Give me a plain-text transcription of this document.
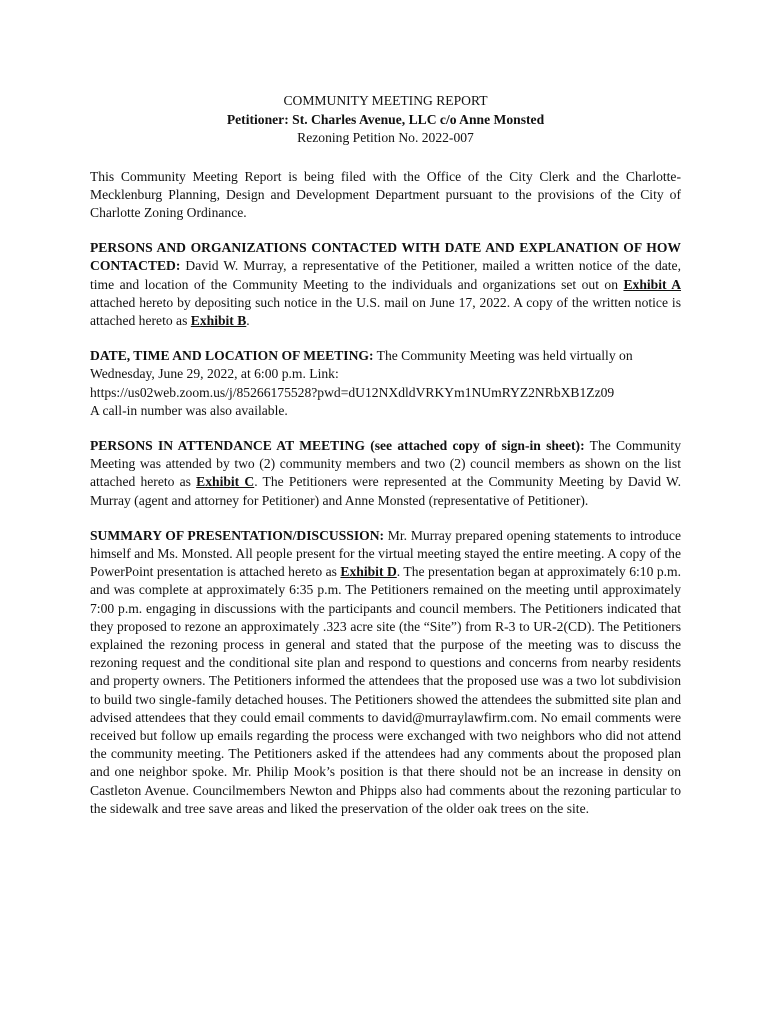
COMMUNITY MEETING REPORT
Petitioner: St. Charles Avenue, LLC c/o Anne Monsted
Rezoning Petition No. 2022-007

This Community Meeting Report is being filed with the Office of the City Clerk and the Charlotte-Mecklenburg Planning, Design and Development Department pursuant to the provisions of the City of Charlotte Zoning Ordinance.

PERSONS AND ORGANIZATIONS CONTACTED WITH DATE AND EXPLANATION OF HOW CONTACTED: David W. Murray, a representative of the Petitioner, mailed a written notice of the date, time and location of the Community Meeting to the individuals and organizations set out on Exhibit A attached hereto by depositing such notice in the U.S. mail on June 17, 2022. A copy of the written notice is attached hereto as Exhibit B.

DATE, TIME AND LOCATION OF MEETING: The Community Meeting was held virtually on Wednesday, June 29, 2022, at 6:00 p.m. Link:
https://us02web.zoom.us/j/85266175528?pwd=dU12NXdldVRKYm1NUmRYZ2NRbXB1Zz09
A call-in number was also available.

PERSONS IN ATTENDANCE AT MEETING (see attached copy of sign-in sheet): The Community Meeting was attended by two (2) community members and two (2) council members as shown on the list attached hereto as Exhibit C. The Petitioners were represented at the Community Meeting by David W. Murray (agent and attorney for Petitioner) and Anne Monsted (representative of Petitioner).

SUMMARY OF PRESENTATION/DISCUSSION: Mr. Murray prepared opening statements to introduce himself and Ms. Monsted. All people present for the virtual meeting stayed the entire meeting. A copy of the PowerPoint presentation is attached hereto as Exhibit D. The presentation began at approximately 6:10 p.m. and was complete at approximately 6:35 p.m. The Petitioners remained on the meeting until approximately 7:00 p.m. engaging in discussions with the participants and council members. The Petitioners indicated that they proposed to rezone an approximately .323 acre site (the “Site”) from R-3 to UR-2(CD). The Petitioners explained the rezoning process in general and stated that the purpose of the meeting was to discuss the rezoning request and the conditional site plan and respond to questions and concerns from nearby residents and property owners. The Petitioners informed the attendees that the proposed use was a two lot subdivision to build two single-family detached houses. The Petitioners showed the attendees the submitted site plan and advised attendees that they could email comments to david@murraylawfirm.com. No email comments were received but follow up emails regarding the process were exchanged with two neighbors who did not attend the community meeting. The Petitioners asked if the attendees had any comments about the proposed plan and one neighbor spoke. Mr. Philip Mook’s position is that there should not be an increase in density on Castleton Avenue. Councilmembers Newton and Phipps also had comments about the rezoning particular to the sidewalk and tree save areas and liked the preservation of the older oak trees on the site.
